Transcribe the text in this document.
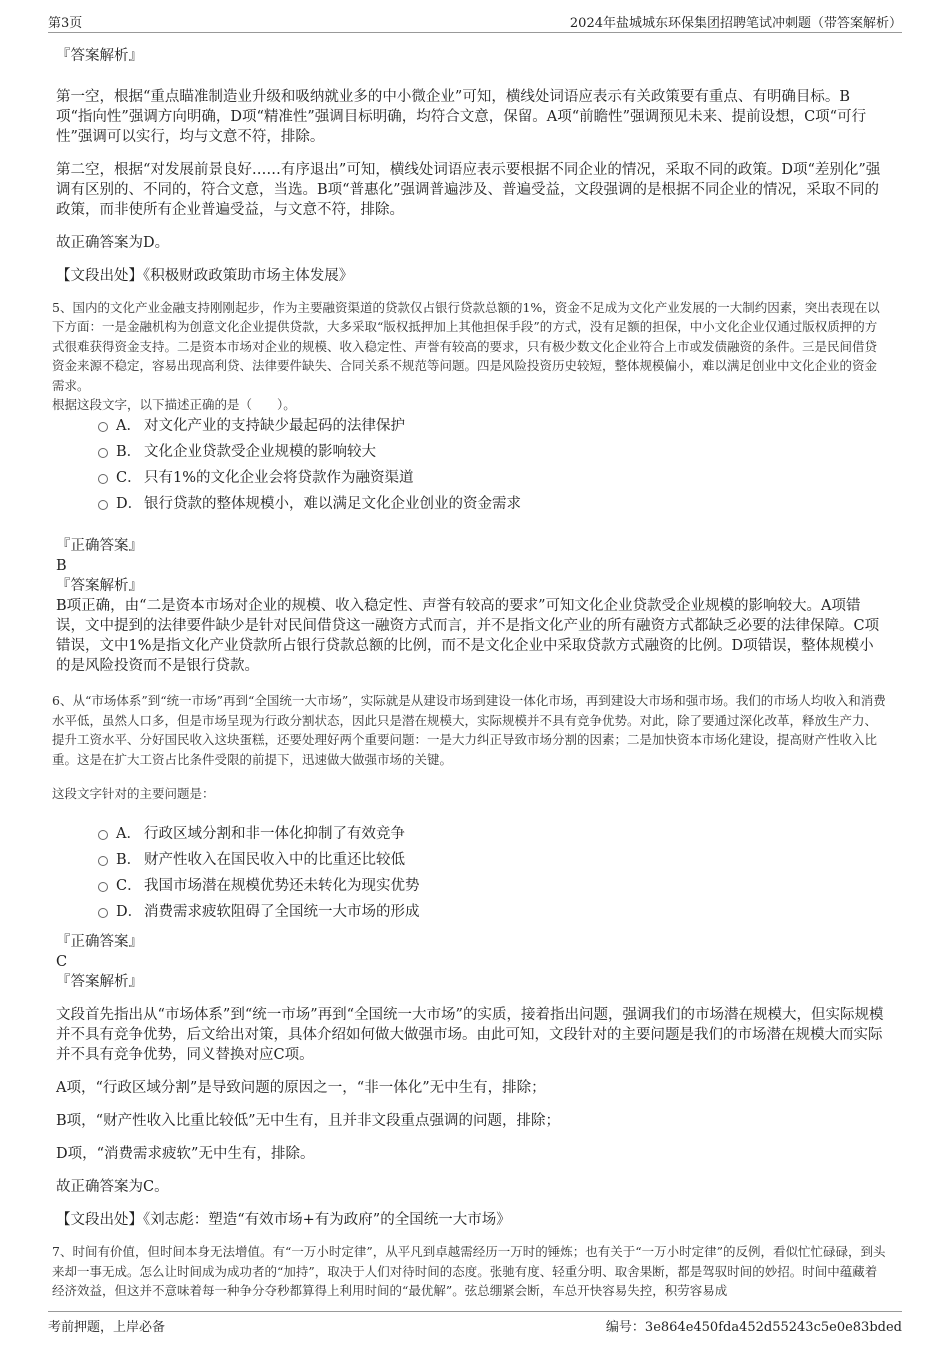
第3页	2024年盐城城东环保集团招聘笔试冲刺题（带答案解析）

『答案解析』

第一空，根据“重点瞄准制造业升级和吸纳就业多的中小微企业”可知，横线处词语应表示有关政策要有重点、有明确目标。B项“指向性”强调方向明确，D项“精准性”强调目标明确，均符合文意，保留。A项“前瞻性”强调预见未来、提前设想，C项“可行性”强调可以实行，均与文意不符，排除。

第二空，根据“对发展前景良好……有序退出”可知，横线处词语应表示要根据不同企业的情况，采取不同的政策。D项“差别化”强调有区别的、不同的，符合文意，当选。B项“普惠化”强调普遍涉及、普遍受益，文段强调的是根据不同企业的情况，采取不同的政策，而非使所有企业普遍受益，与文意不符，排除。

故正确答案为D。

【文段出处】《积极财政政策助市场主体发展》

5、国内的文化产业金融支持刚刚起步，作为主要融资渠道的贷款仅占银行贷款总额的1%，资金不足成为文化产业发展的一大制约因素，突出表现在以下方面：一是金融机构为创意文化企业提供贷款，大多采取“版权抵押加上其他担保手段”的方式，没有足额的担保，中小文化企业仅通过版权质押的方式很难获得资金支持。二是资本市场对企业的规模、收入稳定性、声誉有较高的要求，只有极少数文化企业符合上市或发债融资的条件。三是民间借贷资金来源不稳定，容易出现高利贷、法律要件缺失、合同关系不规范等问题。四是风险投资历史较短，整体规模偏小，难以满足创业中文化企业的资金需求。

根据这段文字，以下描述正确的是（　　）。

A． 对文化产业的支持缺少最起码的法律保护
B． 文化企业贷款受企业规模的影响较大
C． 只有1%的文化企业会将贷款作为融资渠道
D． 银行贷款的整体规模小，难以满足文化企业创业的资金需求

『正确答案』

B

『答案解析』

B项正确，由“二是资本市场对企业的规模、收入稳定性、声誉有较高的要求”可知文化企业贷款受企业规模的影响较大。A项错误，文中提到的法律要件缺少是针对民间借贷这一融资方式而言，并不是指文化产业的所有融资方式都缺乏必要的法律保障。C项错误，文中1%是指文化产业贷款所占银行贷款总额的比例，而不是文化企业中采取贷款方式融资的比例。D项错误，整体规模小的是风险投资而不是银行贷款。

6、从“市场体系”到“统一市场”再到“全国统一大市场”，实际就是从建设市场到建设一体化市场，再到建设大市场和强市场。我们的市场人均收入和消费水平低，虽然人口多，但是市场呈现为行政分割状态，因此只是潜在规模大，实际规模并不具有竞争优势。对此，除了要通过深化改革，释放生产力、提升工资水平、分好国民收入这块蛋糕，还要处理好两个重要问题：一是大力纠正导致市场分割的因素；二是加快资本市场化建设，提高财产性收入比重。这是在扩大工资占比条件受限的前提下，迅速做大做强市场的关键。

这段文字针对的主要问题是：

A． 行政区域分割和非一体化抑制了有效竞争
B． 财产性收入在国民收入中的比重还比较低
C． 我国市场潜在规模优势还未转化为现实优势
D． 消费需求疲软阻碍了全国统一大市场的形成

『正确答案』

C

『答案解析』

文段首先指出从“市场体系”到“统一市场”再到“全国统一大市场”的实质，接着指出问题，强调我们的市场潜在规模大，但实际规模并不具有竞争优势，后文给出对策，具体介绍如何做大做强市场。由此可知，文段针对的主要问题是我们的市场潜在规模大而实际并不具有竞争优势，同义替换对应C项。

A项，“行政区域分割”是导致问题的原因之一，“非一体化”无中生有，排除；

B项，“财产性收入比重比较低”无中生有，且并非文段重点强调的问题，排除；

D项，“消费需求疲软”无中生有，排除。

故正确答案为C。

【文段出处】《刘志彪：塑造“有效市场+有为政府”的全国统一大市场》

7、时间有价值，但时间本身无法增值。有“一万小时定律”，从平凡到卓越需经历一万时的锤炼；也有关于“一万小时定律”的反例，看似忙忙碌碌，到头来却一事无成。怎么让时间成为成功者的“加持”，取决于人们对待时间的态度。张驰有度、轻重分明、取舍果断，都是驾驭时间的妙招。时间中蕴藏着经济效益，但这并不意味着每一种争分夺秒都算得上利用时间的“最优解”。弦总绷紧会断，车总开快容易失控，积劳容易成

考前押题，上岸必备	编号：3e864e450fda452d55243c5e0e83bded
